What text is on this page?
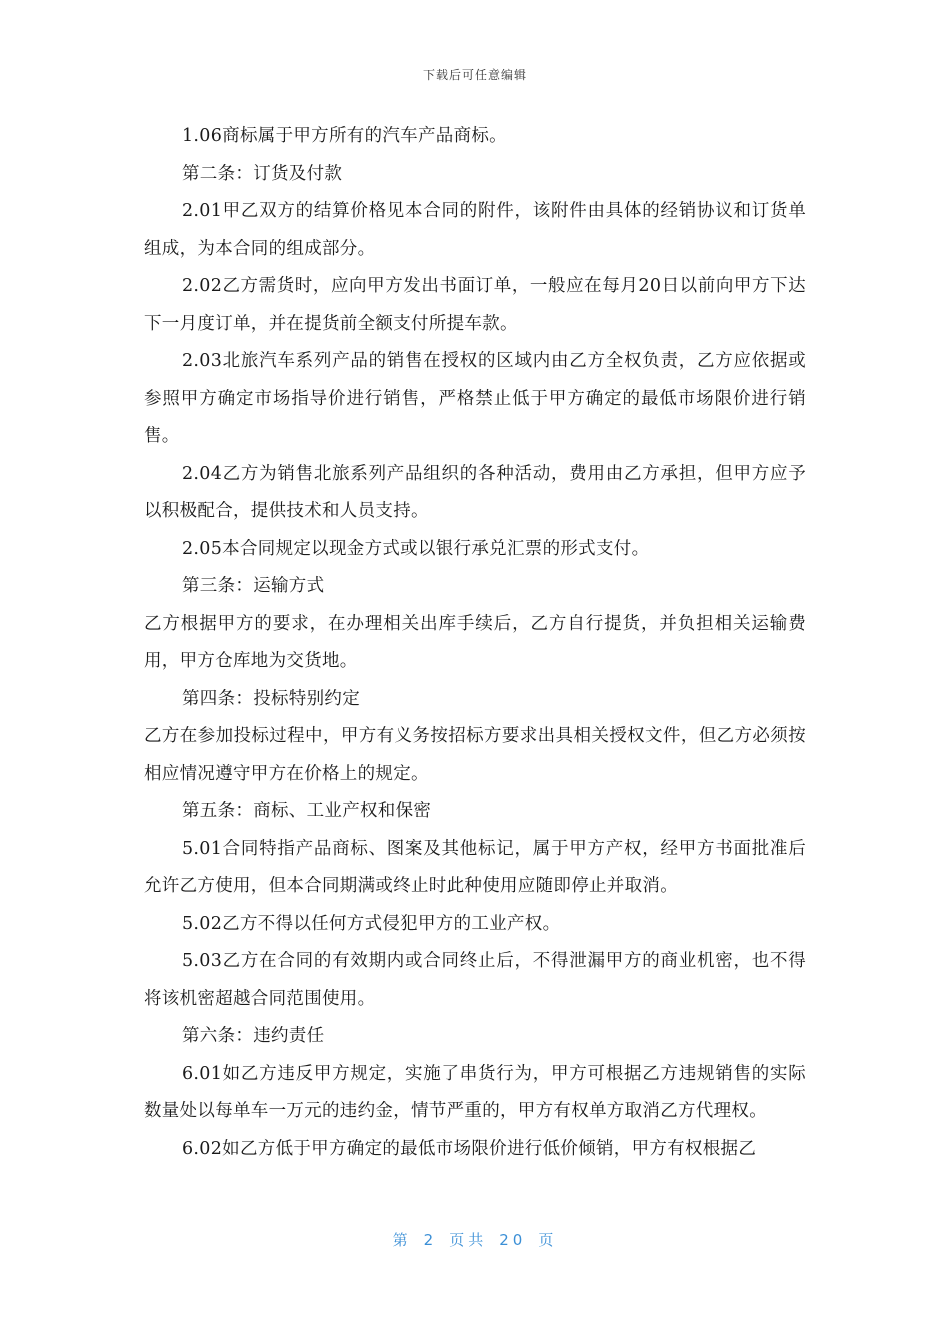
下载后可任意编辑

1.06商标属于甲方所有的汽车产品商标。

第二条：订货及付款

2.01甲乙双方的结算价格见本合同的附件，该附件由具体的经销协议和订货单组成，为本合同的组成部分。

2.02乙方需货时，应向甲方发出书面订单，一般应在每月20日以前向甲方下达下一月度订单，并在提货前全额支付所提车款。

2.03北旅汽车系列产品的销售在授权的区域内由乙方全权负责，乙方应依据或参照甲方确定市场指导价进行销售，严格禁止低于甲方确定的最低市场限价进行销售。

2.04乙方为销售北旅系列产品组织的各种活动，费用由乙方承担，但甲方应予以积极配合，提供技术和人员支持。

2.05本合同规定以现金方式或以银行承兑汇票的形式支付。

第三条：运输方式

乙方根据甲方的要求，在办理相关出库手续后，乙方自行提货，并负担相关运输费用，甲方仓库地为交货地。

第四条：投标特别约定

乙方在参加投标过程中，甲方有义务按招标方要求出具相关授权文件，但乙方必须按相应情况遵守甲方在价格上的规定。

第五条：商标、工业产权和保密

5.01合同特指产品商标、图案及其他标记，属于甲方产权，经甲方书面批准后允许乙方使用，但本合同期满或终止时此种使用应随即停止并取消。

5.02乙方不得以任何方式侵犯甲方的工业产权。

5.03乙方在合同的有效期内或合同终止后，不得泄漏甲方的商业机密，也不得将该机密超越合同范围使用。

第六条：违约责任

6.01如乙方违反甲方规定，实施了串货行为，甲方可根据乙方违规销售的实际数量处以每单车一万元的违约金，情节严重的，甲方有权单方取消乙方代理权。

6.02如乙方低于甲方确定的最低市场限价进行低价倾销，甲方有权根据乙

第 2 页共 20 页
